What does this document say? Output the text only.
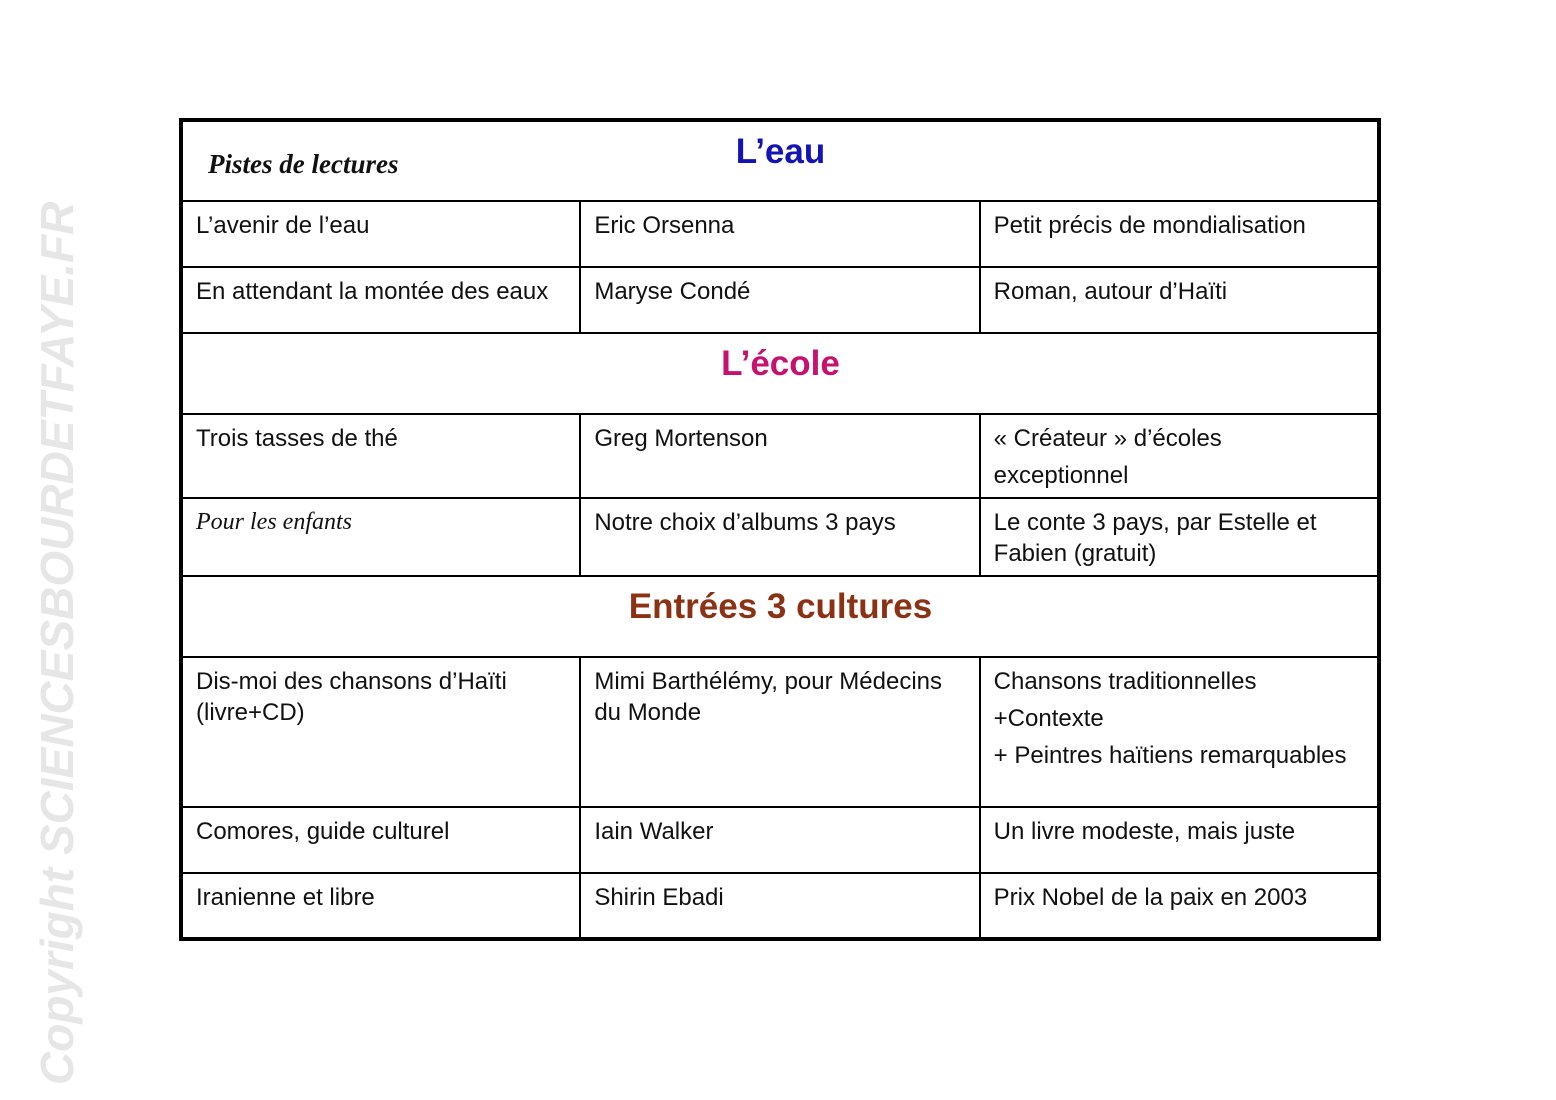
Copyright SCIENCESBOURDETFAYE.FR
Pistes de lectures L’eau		
L’avenir de l’eau	Eric Orsenna	Petit précis de mondialisation

En attendant la montée des eaux	Maryse Condé	Roman, autour d’Haïti

L’école		
Trois tasses de thé	Greg Mortenson	« Créateur » d’écoles
exceptionnel

Pour les enfants	Notre choix d’albums 3 pays	Le conte 3 pays, par Estelle et Fabien (gratuit)

Entrées 3 cultures		
Dis-moi des chansons d’Haïti (livre+CD)	Mimi Barthélémy, pour Médecins du Monde	Chansons traditionnelles
+Contexte
+ Peintres haïtiens remarquables

Comores, guide culturel	Iain Walker	Un livre modeste, mais juste

Iranienne et libre	Shirin Ebadi	Prix Nobel de la paix en 2003
